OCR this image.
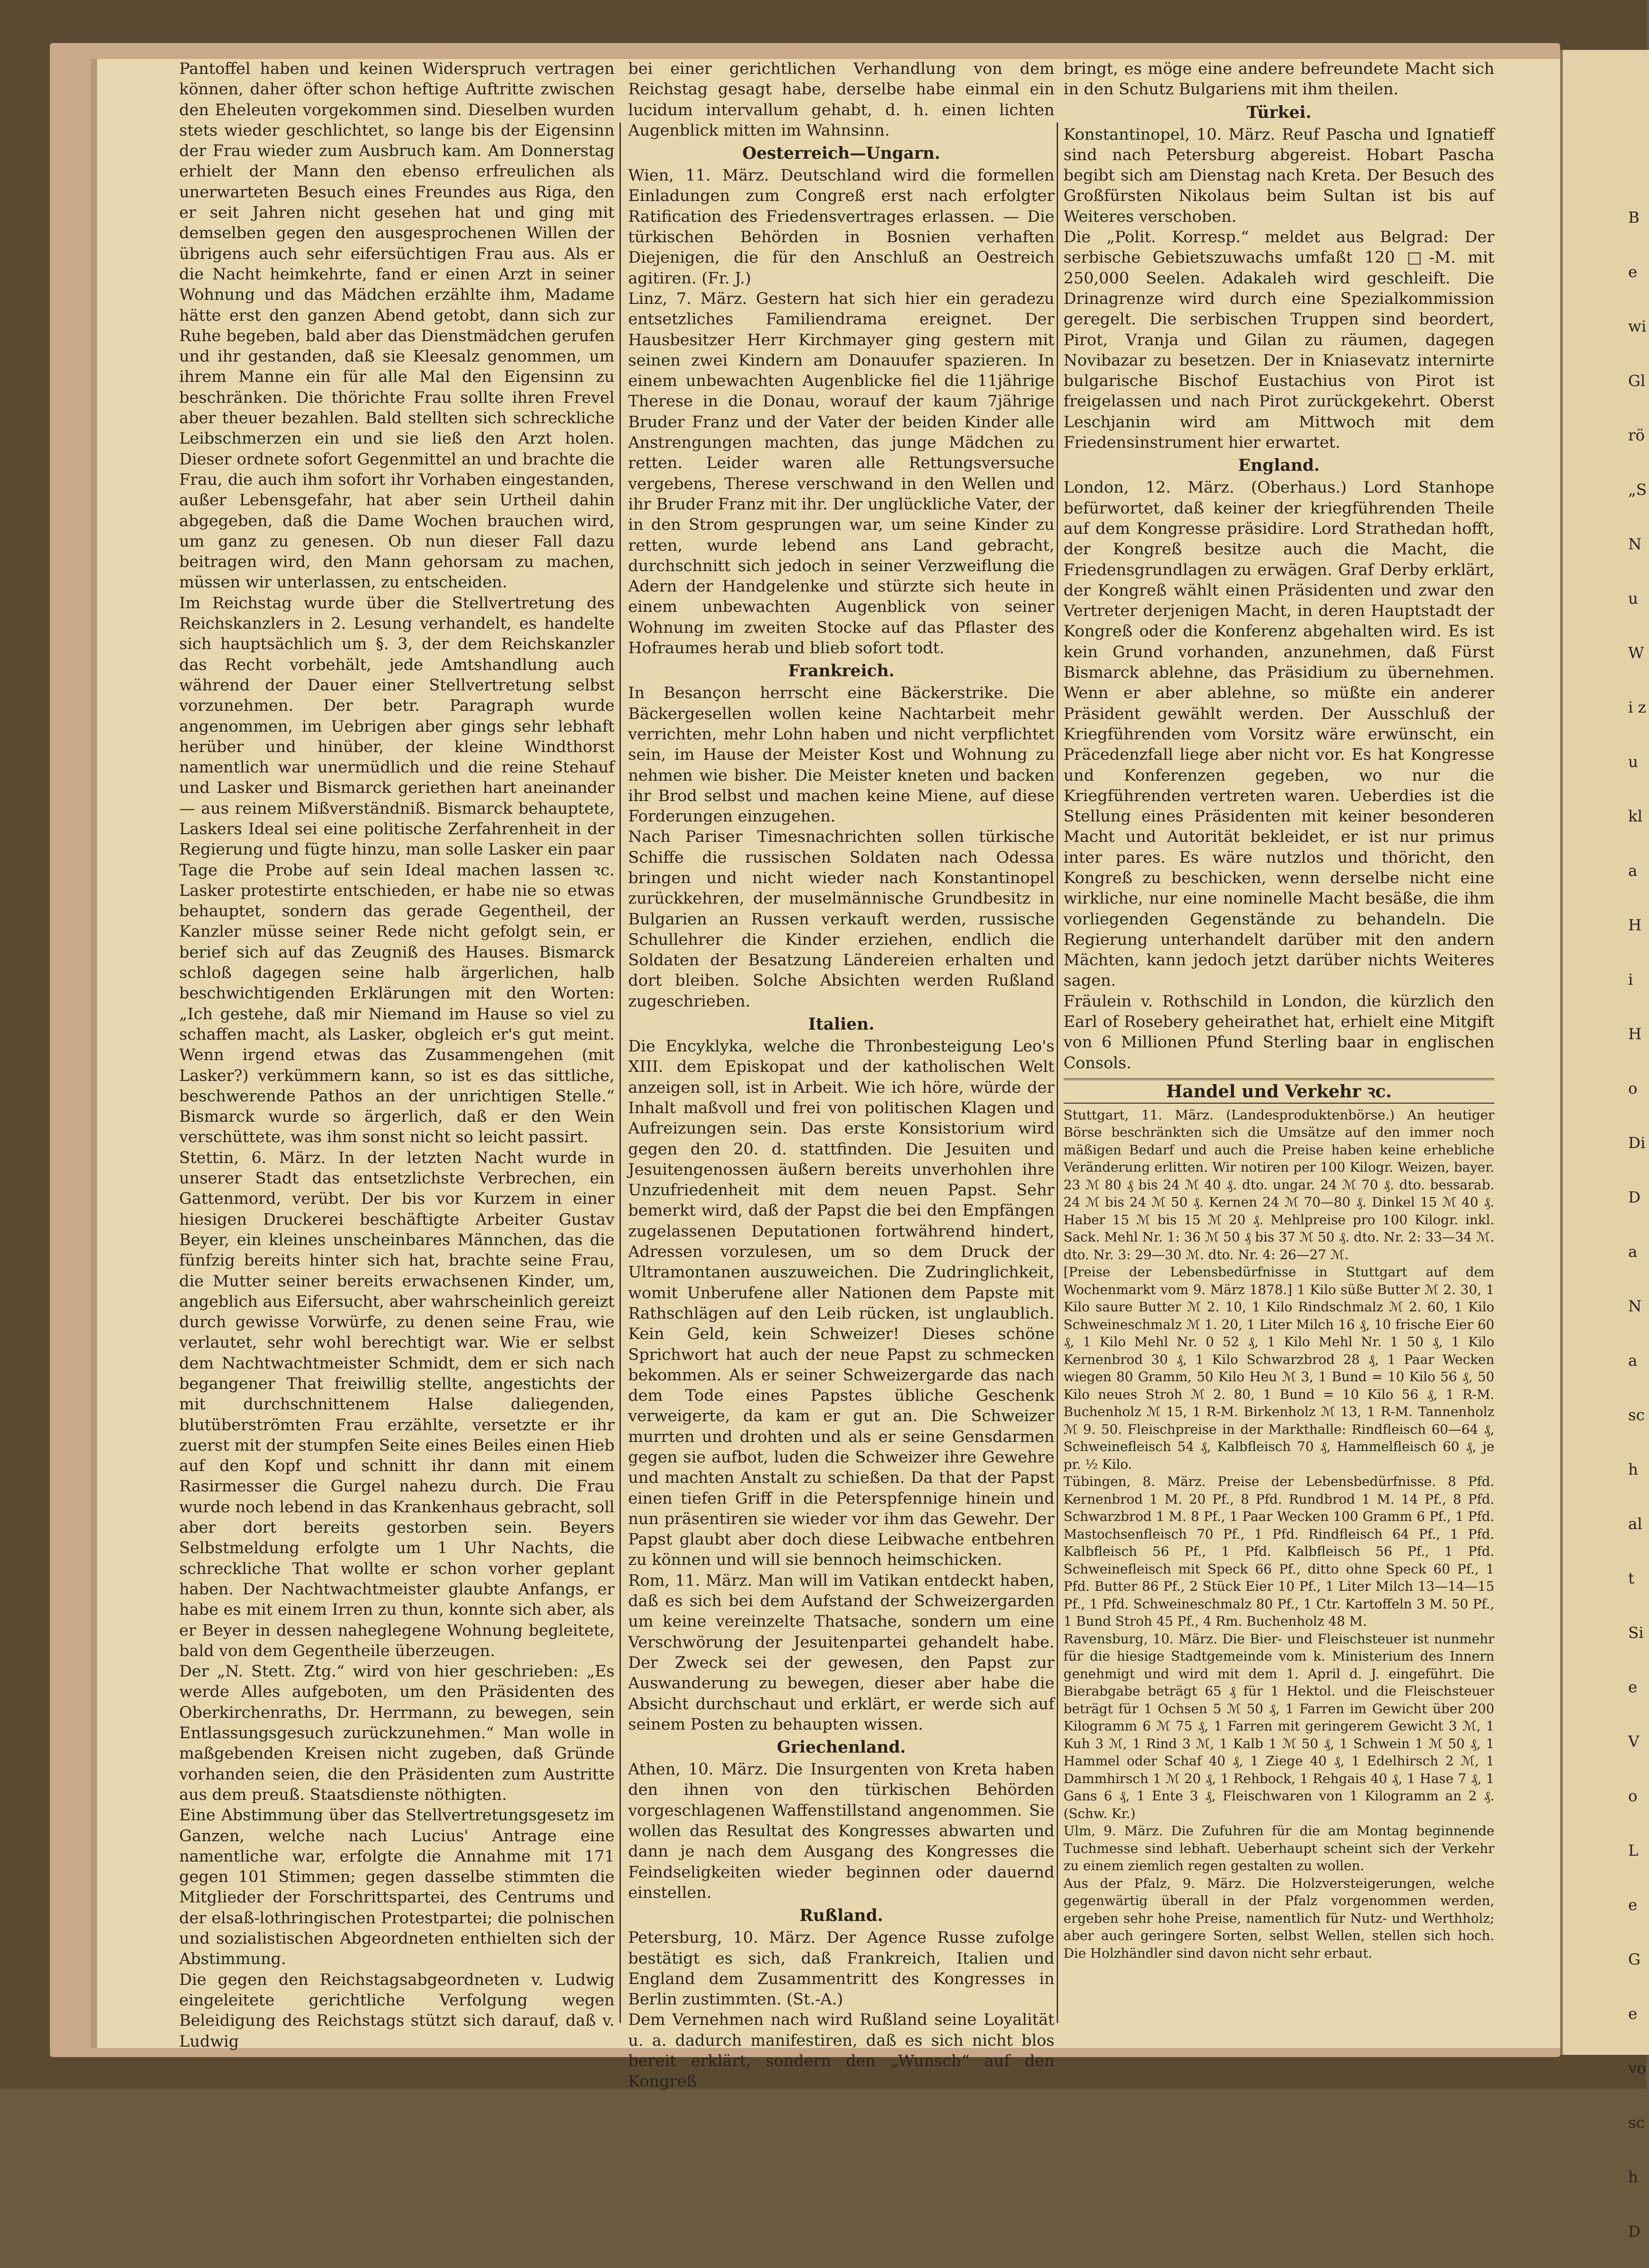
Pantoffel haben und keinen Widerspruch vertragen können, daher öfter schon heftige Auftritte zwischen den Eheleuten vorgekommen sind. Dieselben wurden stets wieder geschlichtet, so lange bis der Eigensinn der Frau wieder zum Ausbruch kam. Am Donnerstag erhielt der Mann den ebenso erfreulichen als unerwarteten Besuch eines Freundes aus Riga, den er seit Jahren nicht gesehen hat und ging mit demselben gegen den ausgesprochenen Willen der übrigens auch sehr eifersüchtigen Frau aus. Als er die Nacht heimkehrte, fand er einen Arzt in seiner Wohnung und das Mädchen erzählte ihm, Madame hätte erst den ganzen Abend getobt, dann sich zur Ruhe begeben, bald aber das Dienstmädchen gerufen und ihr gestanden, daß sie Kleesalz genommen, um ihrem Manne ein für alle Mal den Eigensinn zu beschränken. Die thörichte Frau sollte ihren Frevel aber theuer bezahlen. Bald stellten sich schreckliche Leibschmerzen ein und sie ließ den Arzt holen. Dieser ordnete sofort Gegenmittel an und brachte die Frau, die auch ihm sofort ihr Vorhaben eingestanden, außer Lebensgefahr, hat aber sein Urtheil dahin abgegeben, daß die Dame Wochen brauchen wird, um ganz zu genesen. Ob nun dieser Fall dazu beitragen wird, den Mann gehorsam zu machen, müssen wir unterlassen, zu entscheiden.

Im Reichstag wurde über die Stellvertretung des Reichskanzlers in 2. Lesung verhandelt, es handelte sich hauptsächlich um §. 3, der dem Reichskanzler das Recht vorbehält, jede Amtshandlung auch während der Dauer einer Stellvertretung selbst vorzunehmen. Der betr. Paragraph wurde angenommen, im Uebrigen aber gings sehr lebhaft herüber und hinüber, der kleine Windthorst namentlich war unermüdlich und die reine Stehauf und Lasker und Bismarck geriethen hart aneinander — aus reinem Mißverständniß. Bismarck behauptete, Laskers Ideal sei eine politische Zerfahrenheit in der Regierung und fügte hinzu, man solle Lasker ein paar Tage die Probe auf sein Ideal machen lassen ꝛc. Lasker protestirte entschieden, er habe nie so etwas behauptet, sondern das gerade Gegentheil, der Kanzler müsse seiner Rede nicht gefolgt sein, er berief sich auf das Zeugniß des Hauses. Bismarck schloß dagegen seine halb ärgerlichen, halb beschwichtigenden Erklärungen mit den Worten: „Ich gestehe, daß mir Niemand im Hause so viel zu schaffen macht, als Lasker, obgleich er's gut meint. Wenn irgend etwas das Zusammengehen (mit Lasker?) verkümmern kann, so ist es das sittliche, beschwerende Pathos an der unrichtigen Stelle.“ Bismarck wurde so ärgerlich, daß er den Wein verschüttete, was ihm sonst nicht so leicht passirt.

Stettin, 6. März. In der letzten Nacht wurde in unserer Stadt das entsetzlichste Verbrechen, ein Gattenmord, verübt. Der bis vor Kurzem in einer hiesigen Druckerei beschäftigte Arbeiter Gustav Beyer, ein kleines unscheinbares Männchen, das die fünfzig bereits hinter sich hat, brachte seine Frau, die Mutter seiner bereits erwachsenen Kinder, um, angeblich aus Eifersucht, aber wahrscheinlich gereizt durch gewisse Vorwürfe, zu denen seine Frau, wie verlautet, sehr wohl berechtigt war. Wie er selbst dem Nachtwachtmeister Schmidt, dem er sich nach begangener That freiwillig stellte, angestichts der mit durchschnittenem Halse daliegenden, blutüberströmten Frau erzählte, versetzte er ihr zuerst mit der stumpfen Seite eines Beiles einen Hieb auf den Kopf und schnitt ihr dann mit einem Rasirmesser die Gurgel nahezu durch. Die Frau wurde noch lebend in das Krankenhaus gebracht, soll aber dort bereits gestorben sein. Beyers Selbstmeldung erfolgte um 1 Uhr Nachts, die schreckliche That wollte er schon vorher geplant haben. Der Nachtwachtmeister glaubte Anfangs, er habe es mit einem Irren zu thun, konnte sich aber, als er Beyer in dessen naheglegene Wohnung begleitete, bald von dem Gegentheile überzeugen.

Der „N. Stett. Ztg.“ wird von hier geschrieben: „Es werde Alles aufgeboten, um den Präsidenten des Oberkirchenraths, Dr. Herrmann, zu bewegen, sein Entlassungsgesuch zurückzunehmen.“ Man wolle in maßgebenden Kreisen nicht zugeben, daß Gründe vorhanden seien, die den Präsidenten zum Austritte aus dem preuß. Staatsdienste nöthigten.

Eine Abstimmung über das Stellvertretungsgesetz im Ganzen, welche nach Lucius' Antrage eine namentliche war, erfolgte die Annahme mit 171 gegen 101 Stimmen; gegen dasselbe stimmten die Mitglieder der Forschrittspartei, des Centrums und der elsaß-lothringischen Protestpartei; die polnischen und sozialistischen Abgeordneten enthielten sich der Abstimmung.

Die gegen den Reichstagsabgeordneten v. Ludwig eingeleitete gerichtliche Verfolgung wegen Beleidigung des Reichstags stützt sich darauf, daß v. Ludwig

bei einer gerichtlichen Verhandlung von dem Reichstag gesagt habe, derselbe habe einmal ein lucidum intervallum gehabt, d. h. einen lichten Augenblick mitten im Wahnsinn.

Oesterreich—Ungarn.

Wien, 11. März. Deutschland wird die formellen Einladungen zum Congreß erst nach erfolgter Ratification des Friedensvertrages erlassen. — Die türkischen Behörden in Bosnien verhaften Diejenigen, die für den Anschluß an Oestreich agitiren. (Fr. J.)

Linz, 7. März. Gestern hat sich hier ein geradezu entsetzliches Familiendrama ereignet. Der Hausbesitzer Herr Kirchmayer ging gestern mit seinen zwei Kindern am Donauufer spazieren. In einem unbewachten Augenblicke fiel die 11jährige Therese in die Donau, worauf der kaum 7jährige Bruder Franz und der Vater der beiden Kinder alle Anstrengungen machten, das junge Mädchen zu retten. Leider waren alle Rettungsversuche vergebens, Therese verschwand in den Wellen und ihr Bruder Franz mit ihr. Der unglückliche Vater, der in den Strom gesprungen war, um seine Kinder zu retten, wurde lebend ans Land gebracht, durchschnitt sich jedoch in seiner Verzweiflung die Adern der Handgelenke und stürzte sich heute in einem unbewachten Augenblick von seiner Wohnung im zweiten Stocke auf das Pflaster des Hofraumes herab und blieb sofort todt.

Frankreich.

In Besançon herrscht eine Bäckerstrike. Die Bäckergesellen wollen keine Nachtarbeit mehr verrichten, mehr Lohn haben und nicht verpflichtet sein, im Hause der Meister Kost und Wohnung zu nehmen wie bisher. Die Meister kneten und backen ihr Brod selbst und machen keine Miene, auf diese Forderungen einzugehen.

Nach Pariser Timesnachrichten sollen türkische Schiffe die russischen Soldaten nach Odessa bringen und nicht wieder nach Konstantinopel zurückkehren, der muselmännische Grundbesitz in Bulgarien an Russen verkauft werden, russische Schullehrer die Kinder erziehen, endlich die Soldaten der Besatzung Ländereien erhalten und dort bleiben. Solche Absichten werden Rußland zugeschrieben.

Italien.

Die Encyklyka, welche die Thronbesteigung Leo's XIII. dem Episkopat und der katholischen Welt anzeigen soll, ist in Arbeit. Wie ich höre, würde der Inhalt maßvoll und frei von politischen Klagen und Aufreizungen sein. Das erste Konsistorium wird gegen den 20. d. stattfinden. Die Jesuiten und Jesuitengenossen äußern bereits unverhohlen ihre Unzufriedenheit mit dem neuen Papst. Sehr bemerkt wird, daß der Papst die bei den Empfängen zugelassenen Deputationen fortwährend hindert, Adressen vorzulesen, um so dem Druck der Ultramontanen auszuweichen. Die Zudringlichkeit, womit Unberufene aller Nationen dem Papste mit Rathschlägen auf den Leib rücken, ist unglaublich. Kein Geld, kein Schweizer! Dieses schöne Sprichwort hat auch der neue Papst zu schmecken bekommen. Als er seiner Schweizergarde das nach dem Tode eines Papstes übliche Geschenk verweigerte, da kam er gut an. Die Schweizer murrten und drohten und als er seine Gensdarmen gegen sie aufbot, luden die Schweizer ihre Gewehre und machten Anstalt zu schießen. Da that der Papst einen tiefen Griff in die Peterspfennige hinein und nun präsentiren sie wieder vor ihm das Gewehr. Der Papst glaubt aber doch diese Leibwache entbehren zu können und will sie bennoch heimschicken.

Rom, 11. März. Man will im Vatikan entdeckt haben, daß es sich bei dem Aufstand der Schweizergarden um keine vereinzelte Thatsache, sondern um eine Verschwörung der Jesuitenpartei gehandelt habe. Der Zweck sei der gewesen, den Papst zur Auswanderung zu bewegen, dieser aber habe die Absicht durchschaut und erklärt, er werde sich auf seinem Posten zu behaupten wissen.

Griechenland.

Athen, 10. März. Die Insurgenten von Kreta haben den ihnen von den türkischen Behörden vorgeschlagenen Waffenstillstand angenommen. Sie wollen das Resultat des Kongresses abwarten und dann je nach dem Ausgang des Kongresses die Feindseligkeiten wieder beginnen oder dauernd einstellen.

Rußland.

Petersburg, 10. März. Der Agence Russe zufolge bestätigt es sich, daß Frankreich, Italien und England dem Zusammentritt des Kongresses in Berlin zustimmten. (St.-A.)

Dem Vernehmen nach wird Rußland seine Loyalität u. a. dadurch manifestiren, daß es sich nicht blos bereit erklärt, sondern den „Wunsch“ auf den Kongreß

bringt, es möge eine andere befreundete Macht sich in den Schutz Bulgariens mit ihm theilen.

Türkei.

Konstantinopel, 10. März. Reuf Pascha und Ignatieff sind nach Petersburg abgereist. Hobart Pascha begibt sich am Dienstag nach Kreta. Der Besuch des Großfürsten Nikolaus beim Sultan ist bis auf Weiteres verschoben.

Die „Polit. Korresp.“ meldet aus Belgrad: Der serbische Gebietszuwachs umfaßt 120 □-M. mit 250,000 Seelen. Adakaleh wird geschleift. Die Drinagrenze wird durch eine Spezialkommission geregelt. Die serbischen Truppen sind beordert, Pirot, Vranja und Gilan zu räumen, dagegen Novibazar zu besetzen. Der in Kniasevatz internirte bulgarische Bischof Eustachius von Pirot ist freigelassen und nach Pirot zurückgekehrt. Oberst Leschjanin wird am Mittwoch mit dem Friedensinstrument hier erwartet.

England.

London, 12. März. (Oberhaus.) Lord Stanhope befürwortet, daß keiner der kriegführenden Theile auf dem Kongresse präsidire. Lord Strathedan hofft, der Kongreß besitze auch die Macht, die Friedensgrundlagen zu erwägen. Graf Derby erklärt, der Kongreß wählt einen Präsidenten und zwar den Vertreter derjenigen Macht, in deren Hauptstadt der Kongreß oder die Konferenz abgehalten wird. Es ist kein Grund vorhanden, anzunehmen, daß Fürst Bismarck ablehne, das Präsidium zu übernehmen. Wenn er aber ablehne, so müßte ein anderer Präsident gewählt werden. Der Ausschluß der Kriegführenden vom Vorsitz wäre erwünscht, ein Präcedenzfall liege aber nicht vor. Es hat Kongresse und Konferenzen gegeben, wo nur die Kriegführenden vertreten waren. Ueberdies ist die Stellung eines Präsidenten mit keiner besonderen Macht und Autorität bekleidet, er ist nur primus inter pares. Es wäre nutzlos und thöricht, den Kongreß zu beschicken, wenn derselbe nicht eine wirkliche, nur eine nominelle Macht besäße, die ihm vorliegenden Gegenstände zu behandeln. Die Regierung unterhandelt darüber mit den andern Mächten, kann jedoch jetzt darüber nichts Weiteres sagen.

Fräulein v. Rothschild in London, die kürzlich den Earl of Rosebery geheirathet hat, erhielt eine Mitgift von 6 Millionen Pfund Sterling baar in englischen Consols.

Handel und Verkehr ꝛc.

Stuttgart, 11. März. (Landesproduktenbörse.) An heutiger Börse beschränkten sich die Umsätze auf den immer noch mäßigen Bedarf und auch die Preise haben keine erhebliche Veränderung erlitten. Wir notiren per 100 Kilogr. Weizen, bayer. 23 ℳ 80 ₰ bis 24 ℳ 40 ₰. dto. ungar. 24 ℳ 70 ₰. dto. bessarab. 24 ℳ bis 24 ℳ 50 ₰. Kernen 24 ℳ 70—80 ₰. Dinkel 15 ℳ 40 ₰. Haber 15 ℳ bis 15 ℳ 20 ₰. Mehlpreise pro 100 Kilogr. inkl. Sack. Mehl Nr. 1: 36 ℳ 50 ₰ bis 37 ℳ 50 ₰. dto. Nr. 2: 33—34 ℳ. dto. Nr. 3: 29—30 ℳ. dto. Nr. 4: 26—27 ℳ.

[Preise der Lebensbedürfnisse in Stuttgart auf dem Wochenmarkt vom 9. März 1878.] 1 Kilo süße Butter ℳ 2. 30, 1 Kilo saure Butter ℳ 2. 10, 1 Kilo Rindschmalz ℳ 2. 60, 1 Kilo Schweineschmalz ℳ 1. 20, 1 Liter Milch 16 ₰, 10 frische Eier 60 ₰, 1 Kilo Mehl Nr. 0 52 ₰, 1 Kilo Mehl Nr. 1 50 ₰, 1 Kilo Kernenbrod 30 ₰, 1 Kilo Schwarzbrod 28 ₰, 1 Paar Wecken wiegen 80 Gramm, 50 Kilo Heu ℳ 3, 1 Bund = 10 Kilo 56 ₰, 50 Kilo neues Stroh ℳ 2. 80, 1 Bund = 10 Kilo 56 ₰, 1 R-M. Buchenholz ℳ 15, 1 R-M. Birkenholz ℳ 13, 1 R-M. Tannenholz ℳ 9. 50. Fleischpreise in der Markthalle: Rindfleisch 60—64 ₰, Schweinefleisch 54 ₰, Kalbfleisch 70 ₰, Hammelfleisch 60 ₰, je pr. ½ Kilo.

Tübingen, 8. März. Preise der Lebensbedürfnisse. 8 Pfd. Kernenbrod 1 M. 20 Pf., 8 Pfd. Rundbrod 1 M. 14 Pf., 8 Pfd. Schwarzbrod 1 M. 8 Pf., 1 Paar Wecken 100 Gramm 6 Pf., 1 Pfd. Mastochsenfleisch 70 Pf., 1 Pfd. Rindfleisch 64 Pf., 1 Pfd. Kalbfleisch 56 Pf., 1 Pfd. Kalbfleisch 56 Pf., 1 Pfd. Schweinefleisch mit Speck 66 Pf., ditto ohne Speck 60 Pf., 1 Pfd. Butter 86 Pf., 2 Stück Eier 10 Pf., 1 Liter Milch 13—14—15 Pf., 1 Pfd. Schweineschmalz 80 Pf., 1 Ctr. Kartoffeln 3 M. 50 Pf., 1 Bund Stroh 45 Pf., 4 Rm. Buchenholz 48 M.

Ravensburg, 10. März. Die Bier- und Fleischsteuer ist nunmehr für die hiesige Stadtgemeinde vom k. Ministerium des Innern genehmigt und wird mit dem 1. April d. J. eingeführt. Die Bierabgabe beträgt 65 ₰ für 1 Hektol. und die Fleischsteuer beträgt für 1 Ochsen 5 ℳ 50 ₰, 1 Farren im Gewicht über 200 Kilogramm 6 ℳ 75 ₰, 1 Farren mit geringerem Gewicht 3 ℳ, 1 Kuh 3 ℳ, 1 Rind 3 ℳ, 1 Kalb 1 ℳ 50 ₰, 1 Schwein 1 ℳ 50 ₰, 1 Hammel oder Schaf 40 ₰, 1 Ziege 40 ₰, 1 Edelhirsch 2 ℳ, 1 Dammhirsch 1 ℳ 20 ₰, 1 Rehbock, 1 Rehgais 40 ₰, 1 Hase 7 ₰, 1 Gans 6 ₰, 1 Ente 3 ₰, Fleischwaren von 1 Kilogramm an 2 ₰. (Schw. Kr.)

Ulm, 9. März. Die Zufuhren für die am Montag beginnende Tuchmesse sind lebhaft. Ueberhaupt scheint sich der Verkehr zu einem ziemlich regen gestalten zu wollen.

Aus der Pfalz, 9. März. Die Holzversteigerungen, welche gegenwärtig überall in der Pfalz vorgenommen werden, ergeben sehr hohe Preise, namentlich für Nutz- und Werthholz; aber auch geringere Sorten, selbst Wellen, stellen sich hoch. Die Holzhändler sind davon nicht sehr erbaut.

Be wi Gl rö „S Nu Wi zu kla Hi Ho Di Da Na sch alt Sie Vo Le Ge vo sch D
